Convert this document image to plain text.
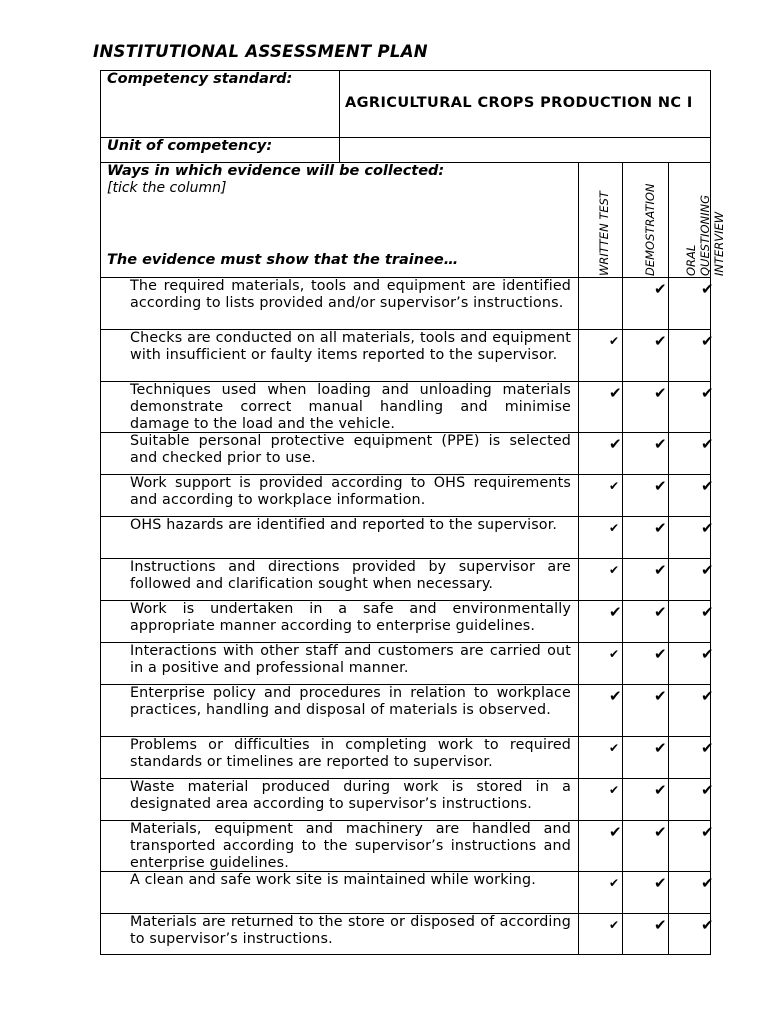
INSTITUTIONAL ASSESSMENT PLAN
Competency standard:
AGRICULTURAL CROPS PRODUCTION NC I
Unit of competency:
Ways in which evidence will be collected:
[tick the column]
The evidence must show that the trainee…	WRITTEN TEST	DEMOSTRATION ORAL QUESTIONING INTERVIEW
The required materials, tools and equipment are identified according to lists provided and/or supervisor’s instructions.
Checks are conducted on all materials, tools and equipment with insufficient or faulty items reported to the supervisor.
Techniques used when loading and unloading materials demonstrate correct manual handling and minimise damage to the load and the vehicle.
Suitable personal protective equipment (PPE) is selected and checked prior to use.
Work support is provided according to OHS requirements and according to workplace information.
OHS hazards are identified and reported to the supervisor.
Instructions and directions provided by supervisor are followed and clarification sought when necessary.
Work is undertaken in a safe and environmentally appropriate manner according to enterprise guidelines.
Interactions with other staff and customers are carried out in a positive and professional manner.
Enterprise policy and procedures in relation to workplace practices, handling and disposal of materials is observed.
Problems or difficulties in completing work to required standards or timelines are reported to supervisor.
Waste material produced during work is stored in a designated area according to supervisor’s instructions.
Materials, equipment and machinery are handled and transported according to the supervisor’s instructions and enterprise guidelines.
A clean and safe work site is maintained while working.
Materials are returned to the store or disposed of according to supervisor’s instructions.
✔ ✔
✔ ✔ ✔
✔ ✔ ✔
✔ ✔ ✔
✔ ✔ ✔
✔ ✔ ✔
✔ ✔ ✔
✔ ✔ ✔
✔ ✔ ✔
✔ ✔ ✔
✔ ✔ ✔
✔ ✔ ✔
✔ ✔ ✔
✔ ✔ ✔
✔ ✔ ✔
